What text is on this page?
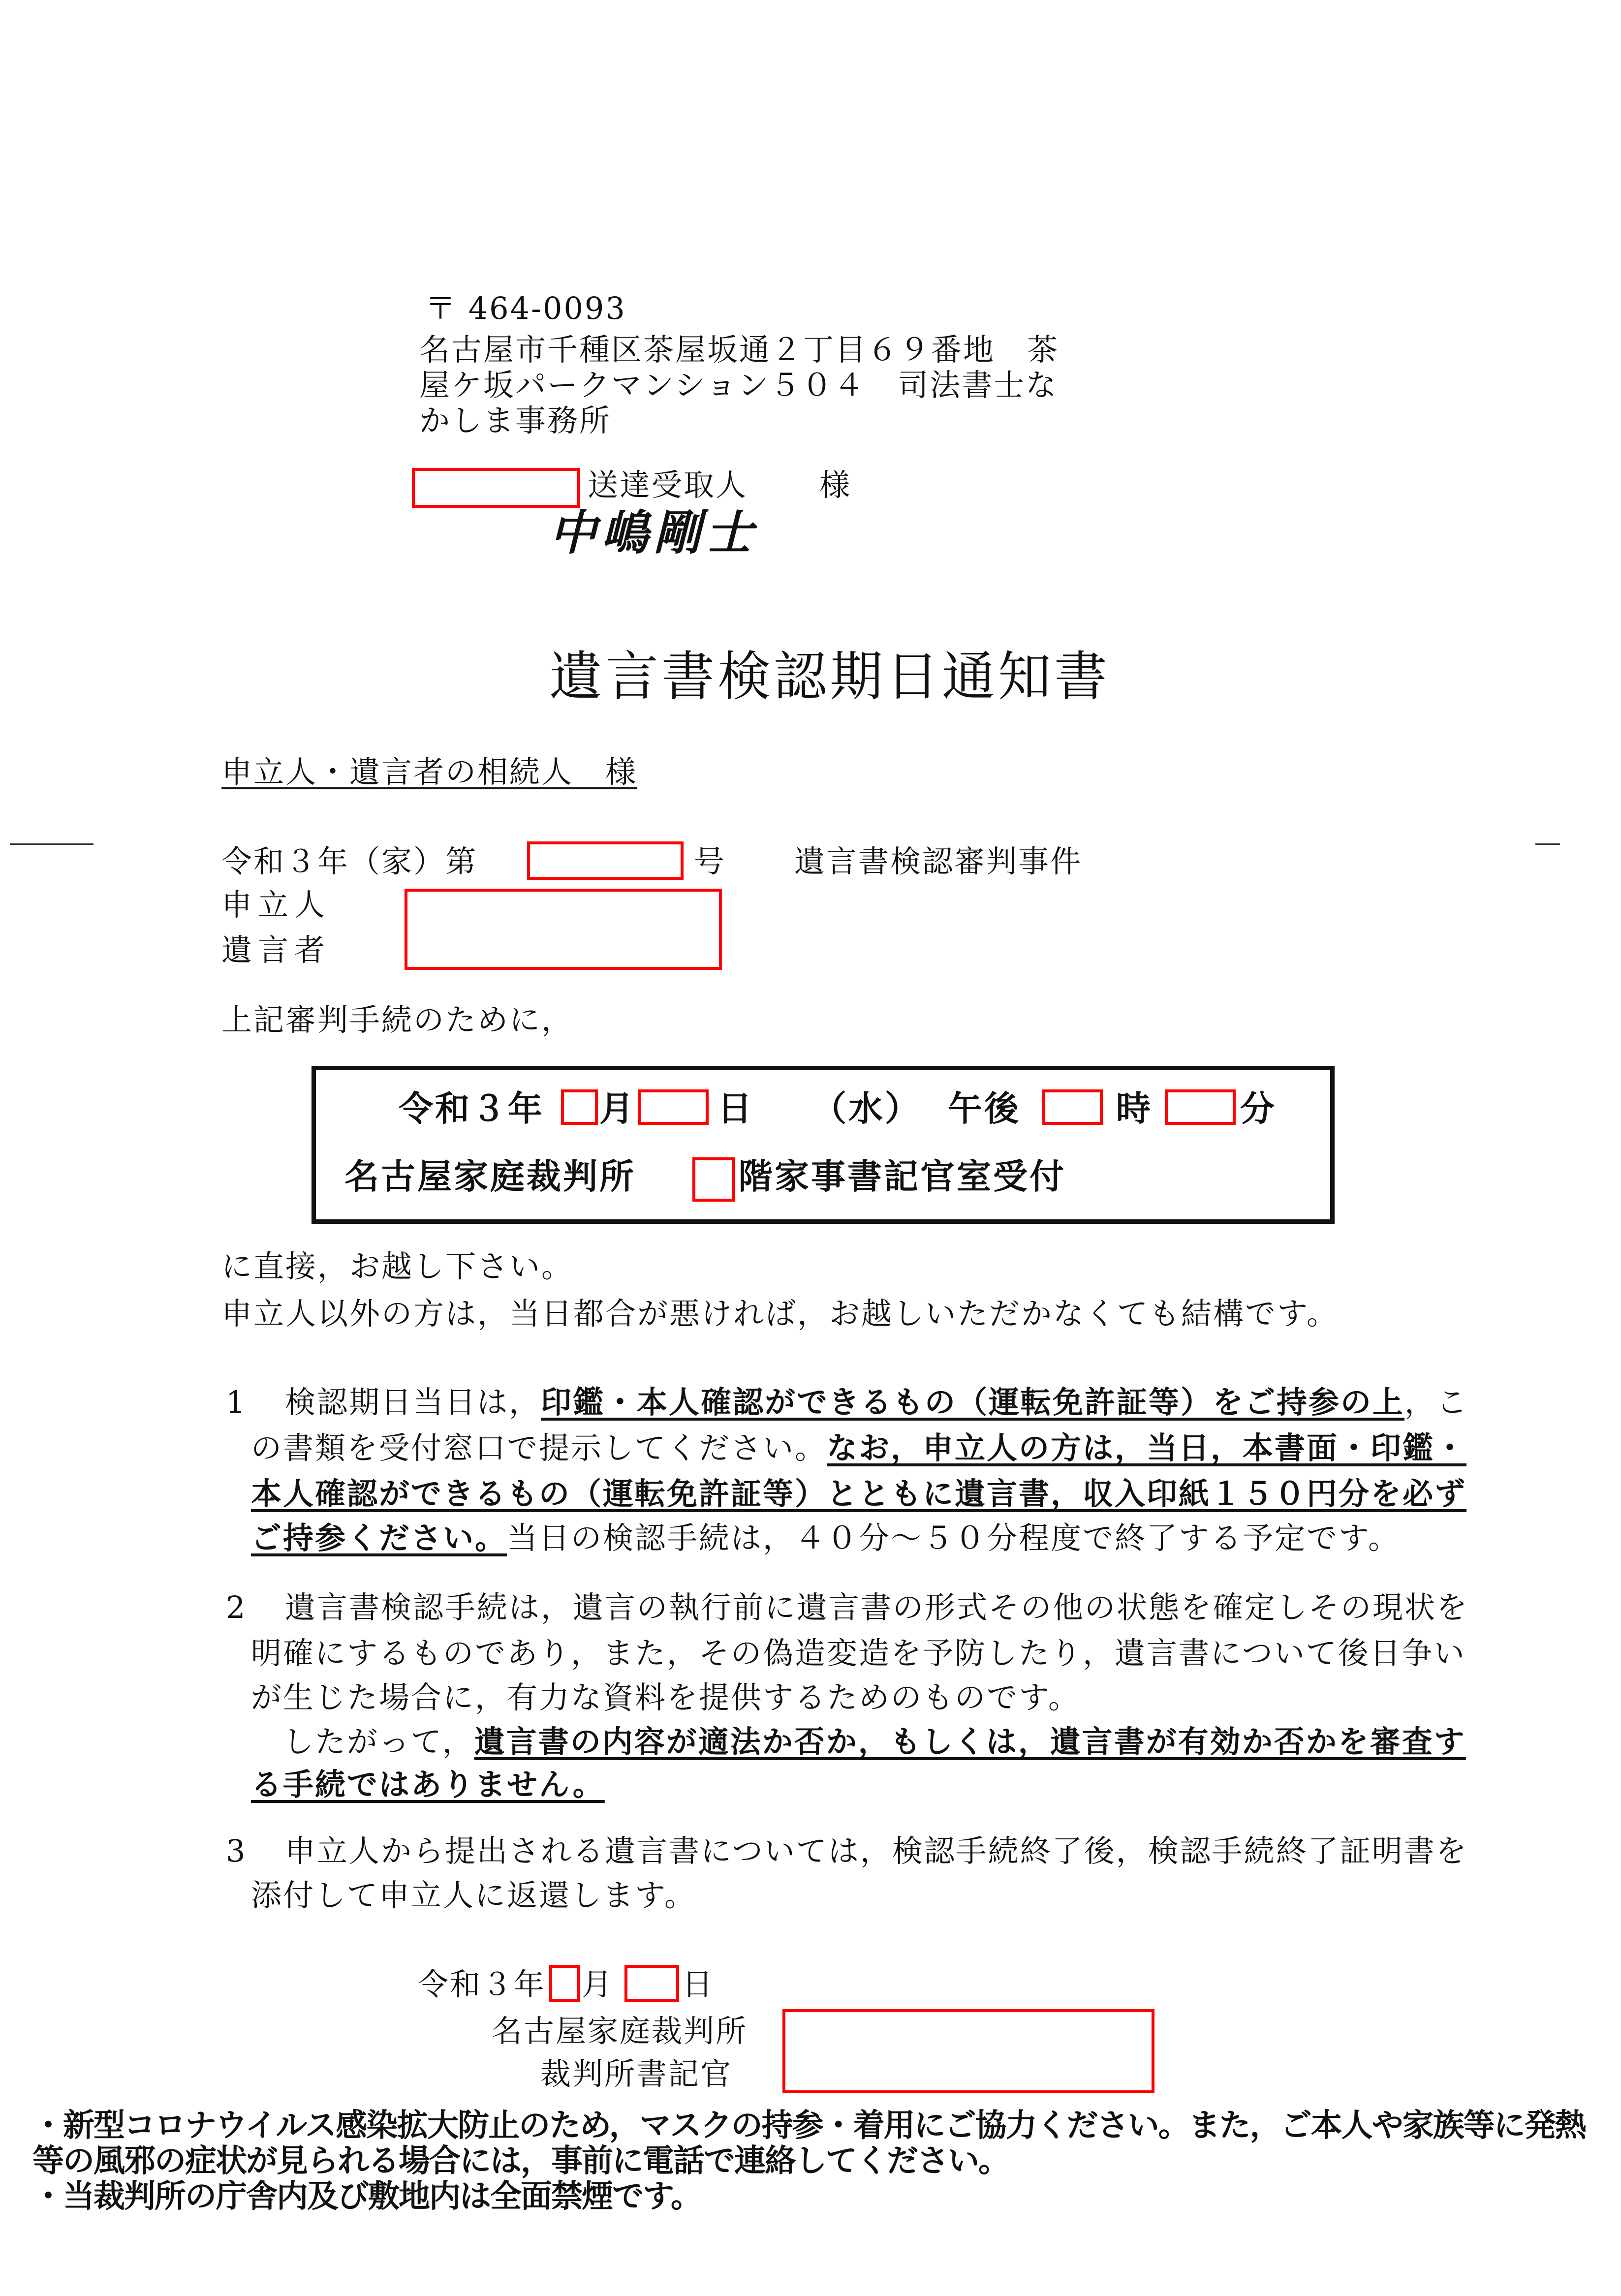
〒 464-0093
名古屋市千種区茶屋坂通２丁目６９番地　茶
屋ケ坂パークマンション５０４　司法書士な
かしま事務所
送達受取人 様
中嶋剛士
遺言書検認期日通知書
申立人・遺言者の相続人　様
令和３年（家）第	号 遺言書検認審判事件
申立人
遺言者
上記審判手続のために，
令和３年 月 日 （水） 午後	時	分
名古屋家庭裁判所	階家事書記官室受付
に直接，お越し下さい。
申立人以外の方は，当日都合が悪ければ，お越しいただかなくても結構です。
1 検認期日当日は，印鑑・本人確認ができるもの（運転免許証等）をご持参の上，こ
の書類を受付窓口で提示してください。なお，申立人の方は，当日，本書面・印鑑・
本人確認ができるもの（運転免許証等）とともに遺言書，収入印紙１５０円分を必ず
ご持参ください。当日の検認手続は，４０分～５０分程度で終了する予定です。
2 遺言書検認手続は，遺言の執行前に遺言書の形式その他の状態を確定しその現状を
明確にするものであり，また，その偽造変造を予防したり，遺言書について後日争い
が生じた場合に，有力な資料を提供するためのものです。
　したがって，遺言書の内容が適法か否か，もしくは，遺言書が有効か否かを審査す
る手続ではありません。
3 申立人から提出される遺言書については，検認手続終了後，検認手続終了証明書を
添付して申立人に返還します。
令和３年 月 日
名古屋家庭裁判所
裁判所書記官
・新型コロナウイルス感染拡大防止のため，マスクの持参・着用にご協力ください。また，ご本人や家族等に発熱
等の風邪の症状が見られる場合には，事前に電話で連絡してください。
・当裁判所の庁舎内及び敷地内は全面禁煙です。
